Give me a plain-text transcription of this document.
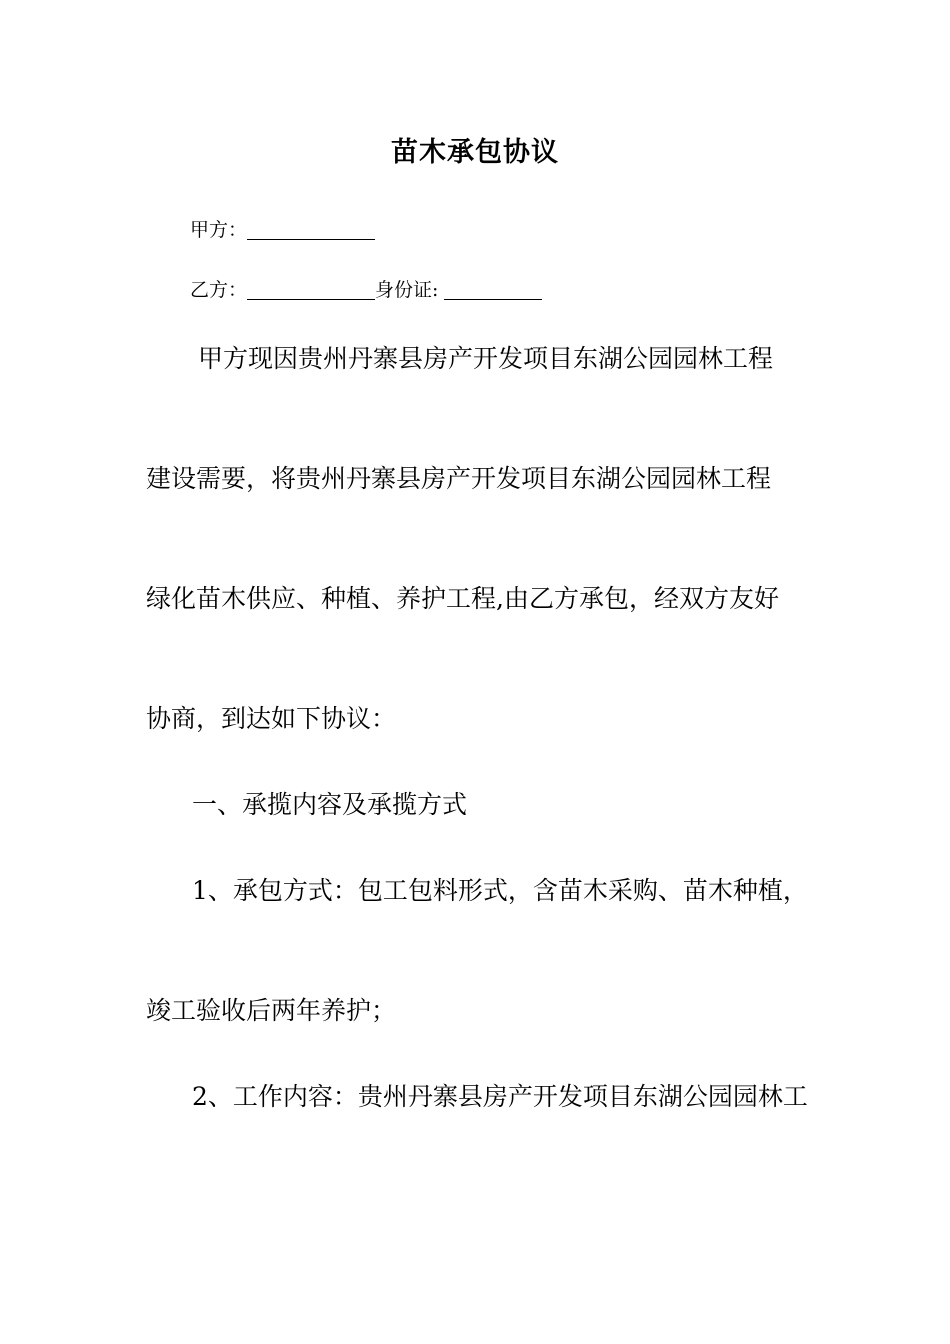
苗木承包协议
甲方：
乙方：	身份证:
甲方现因贵州丹寨县房产开发项目东湖公园园林工程
建设需要，将贵州丹寨县房产开发项目东湖公园园林工程
绿化苗木供应、种植、养护工程,由乙方承包，经双方友好
协商，到达如下协议：
一、承揽内容及承揽方式
1、承包方式：包工包料形式，含苗木采购、苗木种植，
竣工验收后两年养护；
2、工作内容：贵州丹寨县房产开发项目东湖公园园林工
